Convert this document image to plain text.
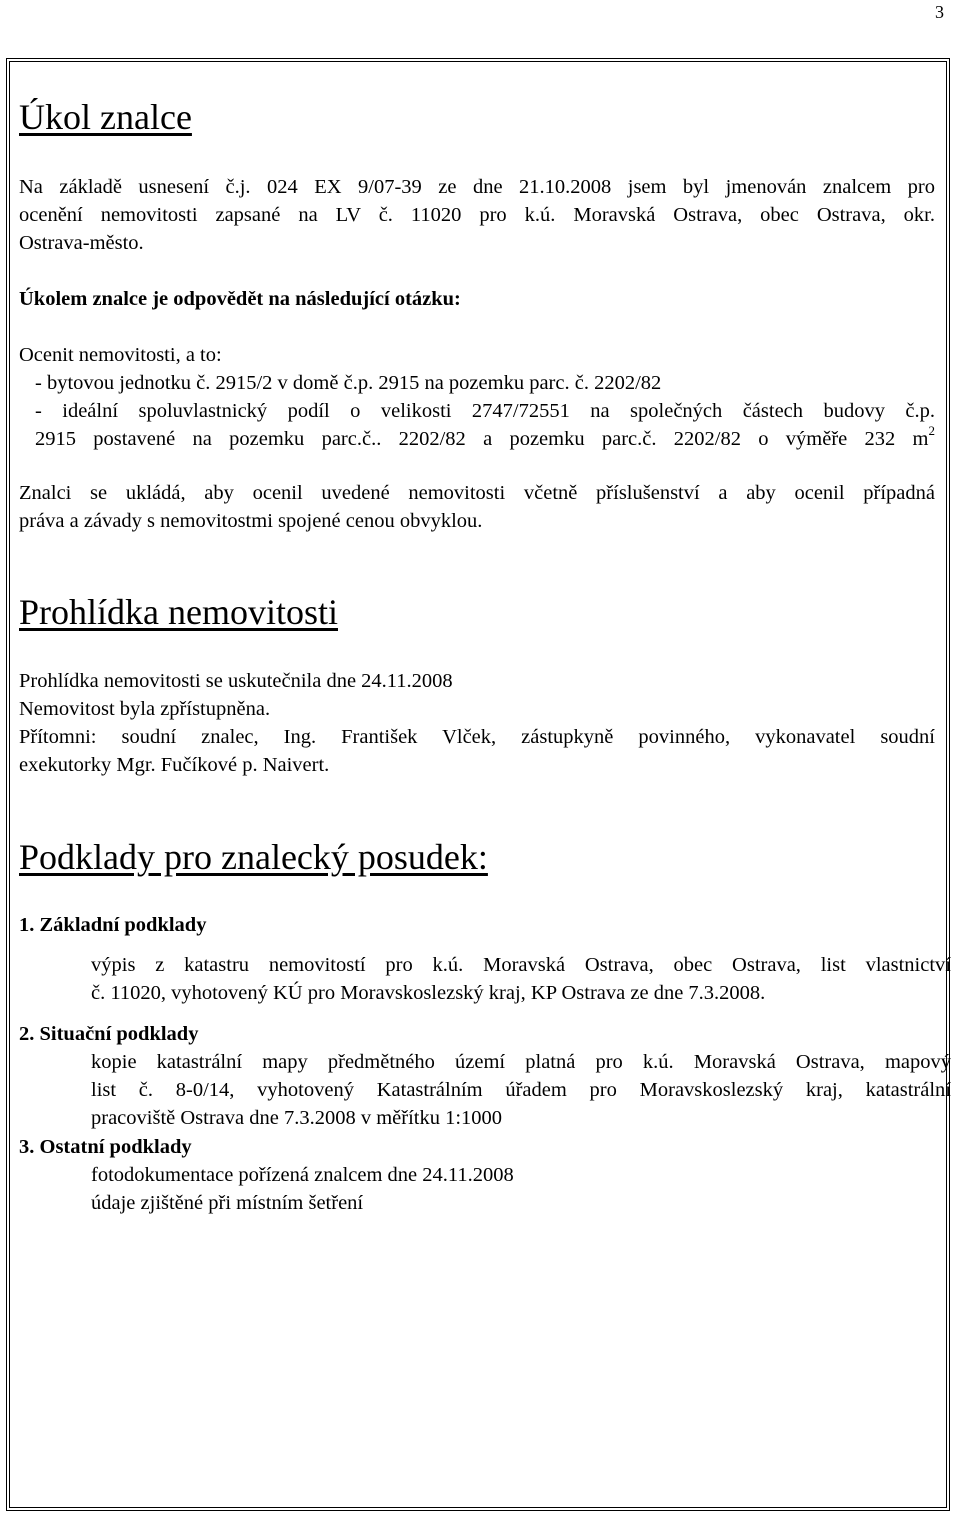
3
Úkol znalce
Na základě usnesení č.j. 024 EX 9/07-39 ze dne 21.10.2008 jsem byl jmenován znalcem pro
ocenění nemovitosti zapsané na LV č. 11020 pro k.ú. Moravská Ostrava, obec Ostrava, okr.
Ostrava-město.
Úkolem znalce je odpovědět na následující otázku:
Ocenit nemovitosti, a to:
- bytovou jednotku č. 2915/2 v domě č.p. 2915 na pozemku parc. č. 2202/82
- ideální spoluvlastnický podíl o velikosti 2747/72551 na společných částech budovy č.p.
2915 postavené na pozemku parc.č.. 2202/82 a pozemku parc.č. 2202/82 o výměře 232 $m^2$
Znalci se ukládá, aby ocenil uvedené nemovitosti včetně příslušenství a aby ocenil případná
práva a závady s nemovitostmi spojené cenou obvyklou.
Prohlídka nemovitosti
Prohlídka nemovitosti se uskutečnila dne 24.11.2008
Nemovitost byla zpřístupněna.
Přítomni: soudní znalec, Ing. František Vlček, zástupkyně povinného, vykonavatel soudní
exekutorky Mgr. Fučíkové p. Naivert.
Podklady pro znalecký posudek:
1. Základní podklady
výpis z katastru nemovitostí pro k.ú. Moravská Ostrava, obec Ostrava, list vlastnictví
č. 11020, vyhotovený KÚ pro Moravskoslezský kraj, KP Ostrava ze dne 7.3.2008.
2. Situační podklady
kopie katastrální mapy předmětného území platná pro k.ú. Moravská Ostrava, mapový
list č. 8-0/14, vyhotovený Katastrálním úřadem pro Moravskoslezský kraj, katastrální
pracoviště Ostrava dne 7.3.2008 v měřítku 1:1000
3. Ostatní podklady
fotodokumentace pořízená znalcem dne 24.11.2008
údaje zjištěné při místním šetření
